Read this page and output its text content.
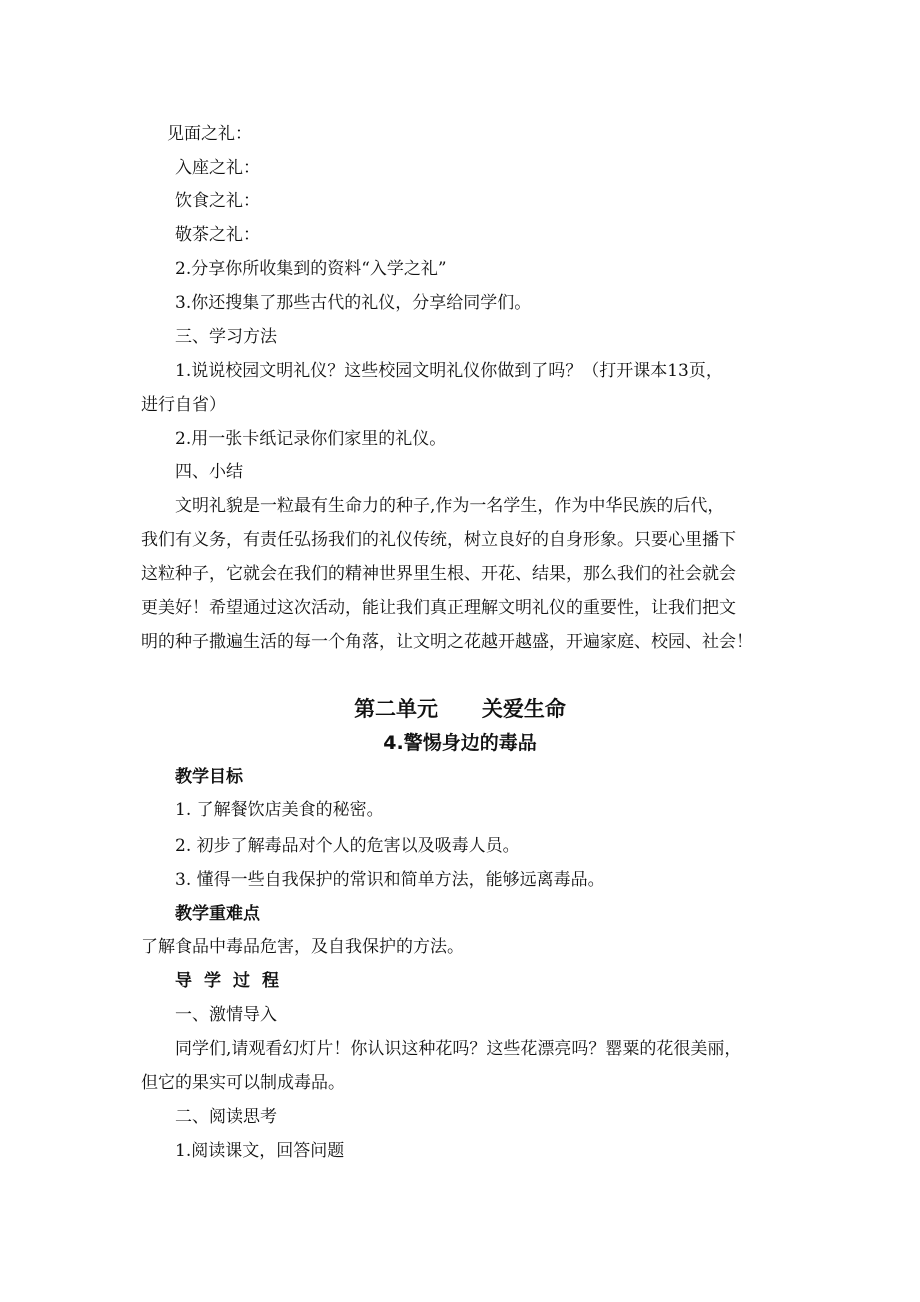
见面之礼：
入座之礼：
饮食之礼：
敬茶之礼：
2.分享你所收集到的资料“入学之礼”
3.你还搜集了那些古代的礼仪，分享给同学们。
三、学习方法
1.说说校园文明礼仪？这些校园文明礼仪你做到了吗？（打开课本13页，
进行自省）
2.用一张卡纸记录你们家里的礼仪。
四、小结
文明礼貌是一粒最有生命力的种子,作为一名学生，作为中华民族的后代，
我们有义务，有责任弘扬我们的礼仪传统，树立良好的自身形象。只要心里播下
这粒种子，它就会在我们的精神世界里生根、开花、结果，那么我们的社会就会
更美好！希望通过这次活动，能让我们真正理解文明礼仪的重要性，让我们把文
明的种子撒遍生活的每一个角落，让文明之花越开越盛，开遍家庭、校园、社会！
第二单元      关爱生命
4.警惕身边的毒品
教学目标
1. 了解餐饮店美食的秘密。
2. 初步了解毒品对个人的危害以及吸毒人员。
3. 懂得一些自我保护的常识和简单方法，能够远离毒品。
教学重难点
了解食品中毒品危害，及自我保护的方法。
导学过程
一、激情导入
同学们,请观看幻灯片！你认识这种花吗？这些花漂亮吗？罂粟的花很美丽，
但它的果实可以制成毒品。
二、阅读思考
1.阅读课文，回答问题
